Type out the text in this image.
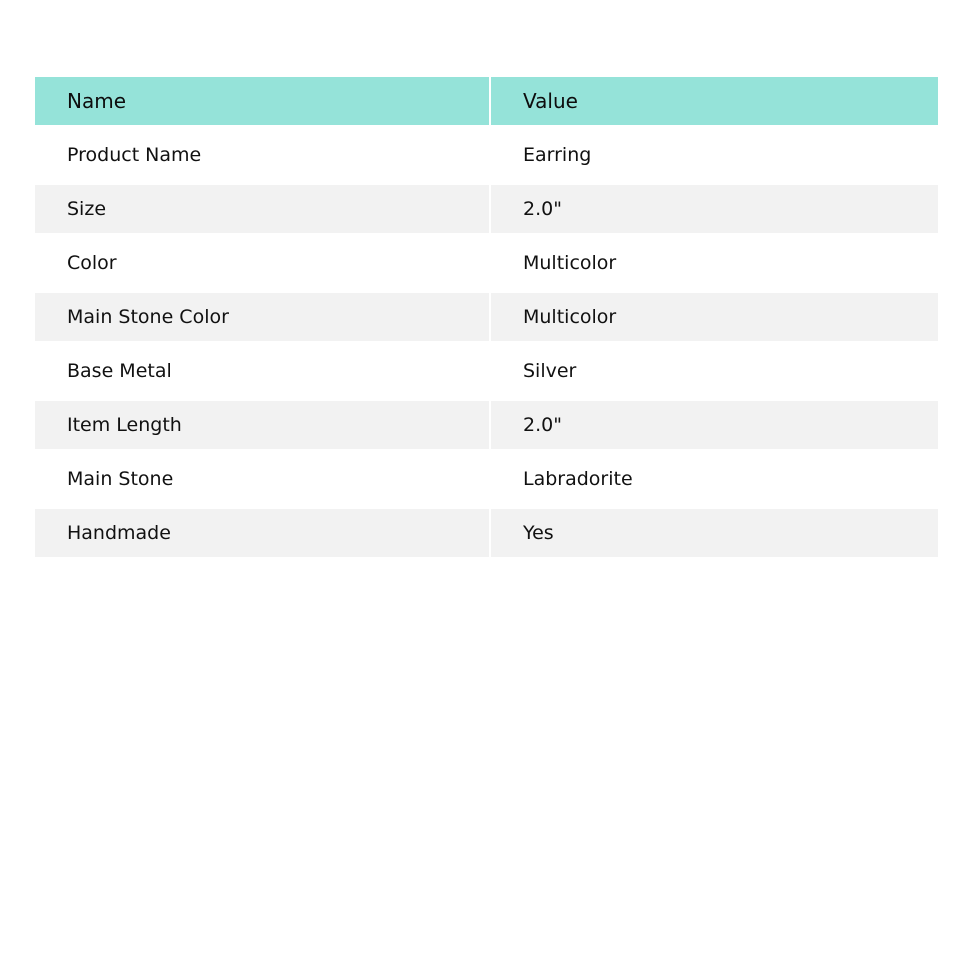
Name	Value
Product Name	Earring
Size	2.0"
Color	Multicolor
Main Stone Color	Multicolor
Base Metal	Silver
Item Length	2.0"
Main Stone	Labradorite
Handmade	Yes
